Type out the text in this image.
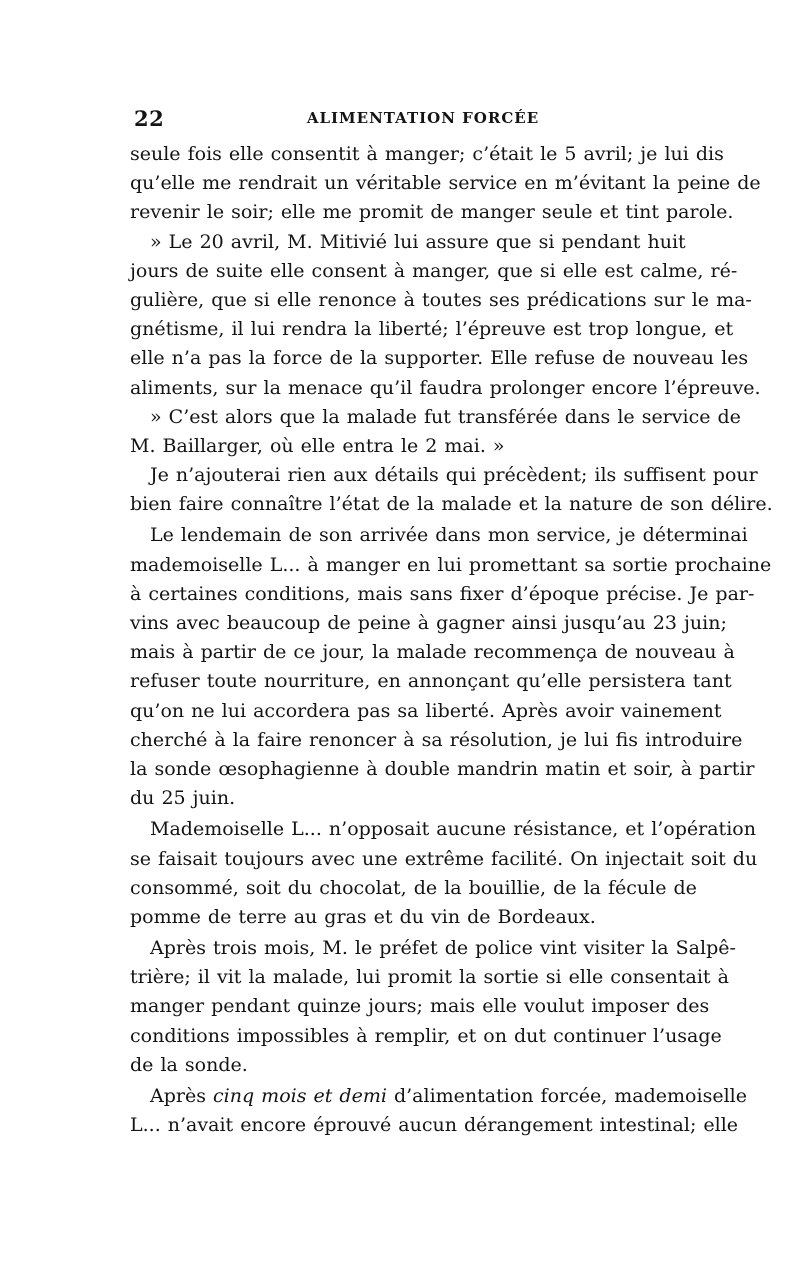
22	ALIMENTATION FORCÉE
seule fois elle consentit à manger; c’était le 5 avril; je lui dis
qu’elle me rendrait un véritable service en m’évitant la peine de
revenir le soir; elle me promit de manger seule et tint parole.
» Le 20 avril, M. Mitivié lui assure que si pendant huit
jours de suite elle consent à manger, que si elle est calme, ré-
gulière, que si elle renonce à toutes ses prédications sur le ma-
gnétisme, il lui rendra la liberté; l’épreuve est trop longue, et
elle n’a pas la force de la supporter. Elle refuse de nouveau les
aliments, sur la menace qu’il faudra prolonger encore l’épreuve.
» C’est alors que la malade fut transférée dans le service de
M. Baillarger, où elle entra le 2 mai. »
Je n’ajouterai rien aux détails qui précèdent; ils suffisent pour
bien faire connaître l’état de la malade et la nature de son délire.
Le lendemain de son arrivée dans mon service, je déterminai
mademoiselle L... à manger en lui promettant sa sortie prochaine
à certaines conditions, mais sans fixer d’époque précise. Je par-
vins avec beaucoup de peine à gagner ainsi jusqu’au 23 juin;
mais à partir de ce jour, la malade recommença de nouveau à
refuser toute nourriture, en annonçant qu’elle persistera tant
qu’on ne lui accordera pas sa liberté. Après avoir vainement
cherché à la faire renoncer à sa résolution, je lui fis introduire
la sonde œsophagienne à double mandrin matin et soir, à partir
du 25 juin.
Mademoiselle L... n’opposait aucune résistance, et l’opération
se faisait toujours avec une extrême facilité. On injectait soit du
consommé, soit du chocolat, de la bouillie, de la fécule de
pomme de terre au gras et du vin de Bordeaux.
Après trois mois, M. le préfet de police vint visiter la Salpê-
trière; il vit la malade, lui promit la sortie si elle consentait à
manger pendant quinze jours; mais elle voulut imposer des
conditions impossibles à remplir, et on dut continuer l’usage
de la sonde.
Après cinq mois et demi d’alimentation forcée, mademoiselle
L... n’avait encore éprouvé aucun dérangement intestinal; elle
